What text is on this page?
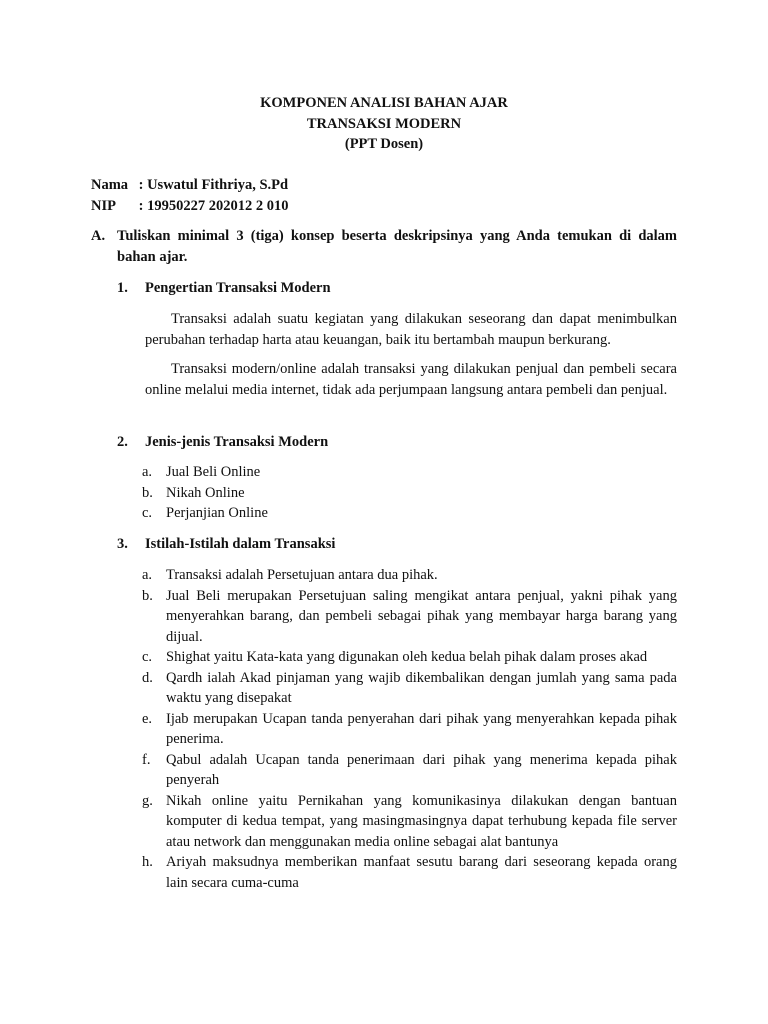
KOMPONEN ANALISI BAHAN AJAR
TRANSAKSI MODERN
(PPT Dosen)
Nama : Uswatul Fithriya, S.Pd
NIP : 19950227 202012 2 010
A. Tuliskan minimal 3 (tiga) konsep beserta deskripsinya yang Anda temukan di dalam bahan ajar.
1. Pengertian Transaksi Modern

Transaksi adalah suatu kegiatan yang dilakukan seseorang dan dapat menimbulkan perubahan terhadap harta atau keuangan, baik itu bertambah maupun berkurang.

Transaksi modern/online adalah transaksi yang dilakukan penjual dan pembeli secara online melalui media internet, tidak ada perjumpaan langsung antara pembeli dan penjual.

2. Jenis-jenis Transaksi Modern
a. Jual Beli Online
b. Nikah Online
c. Perjanjian Online
3. Istilah-Istilah dalam Transaksi
a. Transaksi adalah Persetujuan antara dua pihak.
b. Jual Beli merupakan Persetujuan saling mengikat antara penjual, yakni pihak yang menyerahkan barang, dan pembeli sebagai pihak yang membayar harga barang yang dijual.
c. Shighat yaitu Kata-kata yang digunakan oleh kedua belah pihak dalam proses akad
d. Qardh ialah Akad pinjaman yang wajib dikembalikan dengan jumlah yang sama pada waktu yang disepakat
e. Ijab merupakan Ucapan tanda penyerahan dari pihak yang menyerahkan kepada pihak penerima.
f. Qabul adalah Ucapan tanda penerimaan dari pihak yang menerima kepada pihak penyerah
g. Nikah online yaitu Pernikahan yang komunikasinya dilakukan dengan bantuan komputer di kedua tempat, yang masingmasingnya dapat terhubung kepada file server atau network dan menggunakan media online sebagai alat bantunya
h. Ariyah maksudnya memberikan manfaat sesutu barang dari seseorang kepada orang lain secara cuma-cuma
